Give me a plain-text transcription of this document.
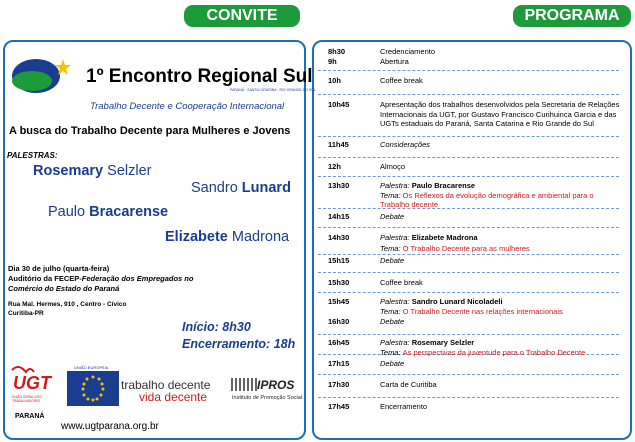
CONVITE	PROGRAMA
1º Encontro Regional Sul
PARANÁ · SANTA CATARINA · RIO GRANDE DO SUL
Trabalho Decente e Cooperação Internacional
A busca do Trabalho Decente para Mulheres e Jovens
PALESTRAS:
Rosemary Selzler
Sandro Lunard
Paulo Bracarense
Elizabete Madrona
Dia 30 de julho (quarta-feira)
Auditório da FECEP-Federação dos Empregados no
Comércio do Estado do Paraná
Rua Mal. Hermes, 910 , Centro - Cívico
Curitiba-PR
Início: 8h30
Encerramento: 18h
UGT
UNIÃO GERAL DOS TRABALHADORES
PARANÁ
UNIÃO EUROPÉIA
trabalho decente
vida decente
IPROS
Instituto de Promoção Social
www.ugtparana.org.br
8h30	Credenciamento
9h	Abertura
10h	Coffee break
10h45	Apresentação dos trabalhos desenvolvidos pela Secretaria de Relações
Internacionais da UGT, por Gustavo Francisco Curihuinca Garcia e das
UGTs estaduais do Paraná, Santa Catarina e Rio Grande do Sul
11h45	Considerações
12h	Almoço
13h30	Palestra: Paulo Bracarense
Tema: Os Reflexos da evolução demográfica e ambiental para o
Trabalho decente
14h15	Debate
14h30	Palestra: Elizabete Madrona
Tema: O Trabalho Decente para as mulheres
15h15	Debate
15h30	Coffee break
15h45	Palestra: Sandro Lunard Nicoladeli
Tema: O Trabalho Decente nas relações internacionais
16h30	Debate
16h45	Palestra: Rosemary Selzler
Tema: As perspectivas da juventude para o Trabalho Decente
17h15	Debate
17h30	Carta de Curitiba
17h45	Encerramento
